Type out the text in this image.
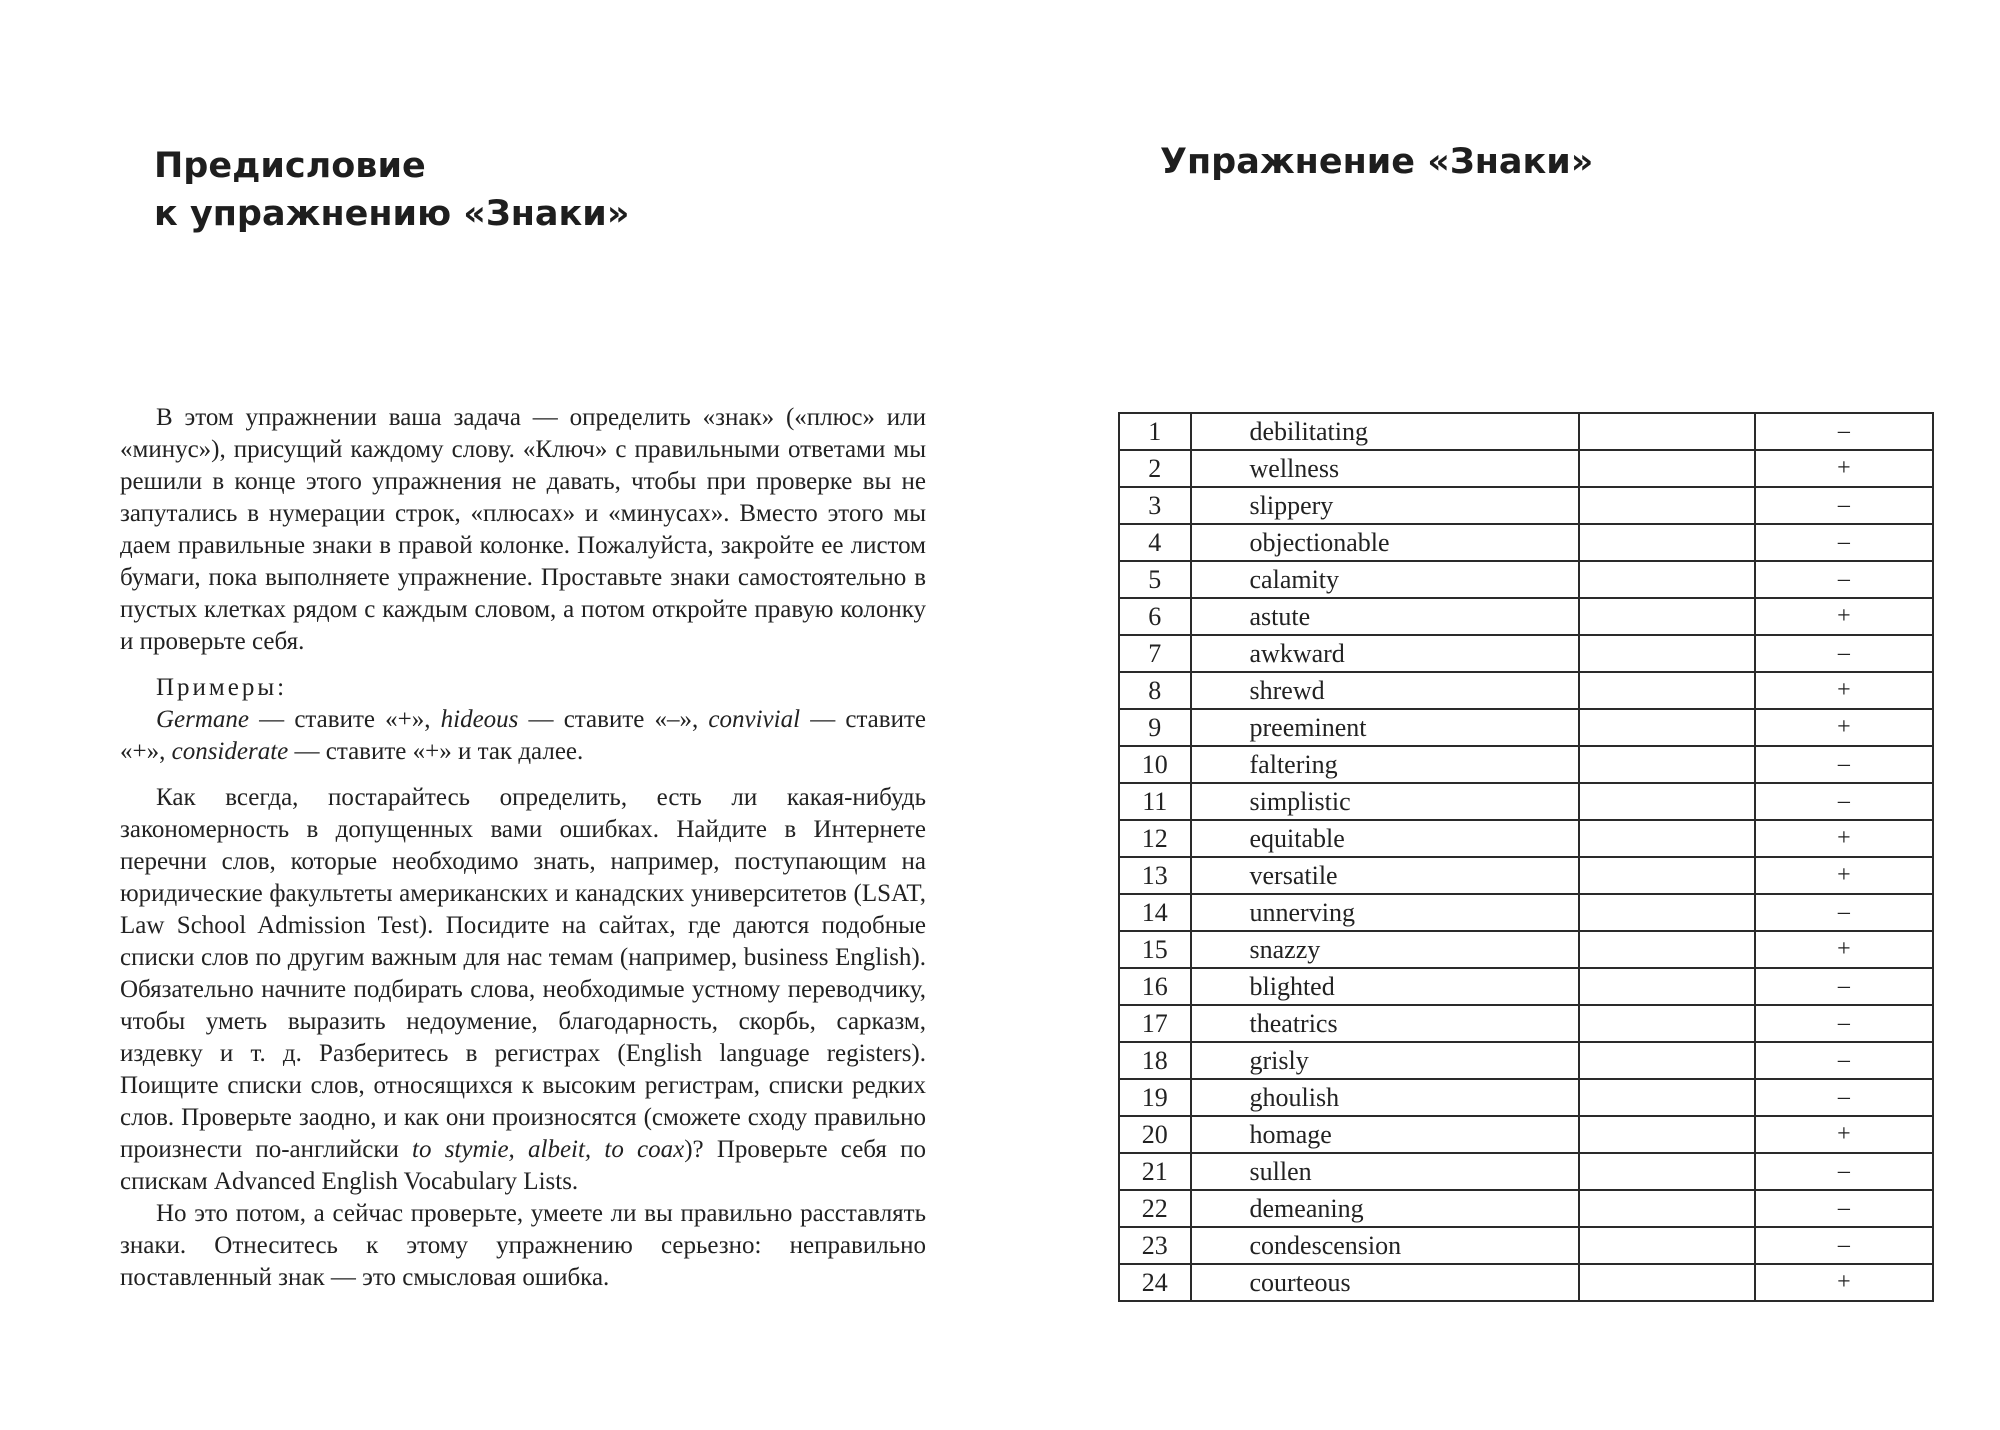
Предисловие
к упражнению «Знаки»

В этом упражнении ваша задача — определить «знак» («плюс» или «минус»), присущий каждому слову. «Ключ» с правильными ответами мы решили в конце этого упражнения не давать, чтобы при проверке вы не запутались в нумерации строк, «плюсах» и «минусах». Вместо этого мы даем правильные знаки в правой колонке. Пожалуйста, закройте ее листом бумаги, пока выполняете упражнение. Проставьте знаки самостоятельно в пустых клетках рядом с каждым словом, а потом откройте правую колонку и проверьте себя.

Примеры:

Germane — ставите «+», hideous — ставите «–», convivial — ставите «+», considerate — ставите «+» и так далее.

Как всегда, постарайтесь определить, есть ли какая-нибудь закономерность в допущенных вами ошибках. Найдите в Интернете перечни слов, которые необходимо знать, например, поступающим на юридические факультеты американских и канадских университетов (LSAT, Law School Admission Test). Посидите на сайтах, где даются подобные списки слов по другим важным для нас темам (например, business English). Обязательно начните подбирать слова, необходимые устному переводчику, чтобы уметь выразить недоумение, благодарность, скорбь, сарказм, издевку и т. д. Разберитесь в регистрах (English language registers). Поищите списки слов, относящихся к высоким регистрам, списки редких слов. Проверьте заодно, и как они произносятся (сможете сходу правильно произнести по-английски to stymie, albeit, to coax)? Проверьте себя по спискам Advanced English Vocabulary Lists.

Но это потом, а сейчас проверьте, умеете ли вы правильно расставлять знаки. Отнеситесь к этому упражнению серьезно: неправильно поставленный знак — это смысловая ошибка.

Упражнение «Знаки»
1	debilitating		–
2	wellness		+
3	slippery		–
4	objectionable		–
5	calamity		–
6	astute		+
7	awkward		–
8	shrewd		+
9	preeminent		+
10	faltering		–
11	simplistic		–
12	equitable		+
13	versatile		+
14	unnerving		–
15	snazzy		+
16	blighted		–
17	theatrics		–
18	grisly		–
19	ghoulish		–
20	homage		+
21	sullen		–
22	demeaning		–
23	condescension		–
24	courteous		+
